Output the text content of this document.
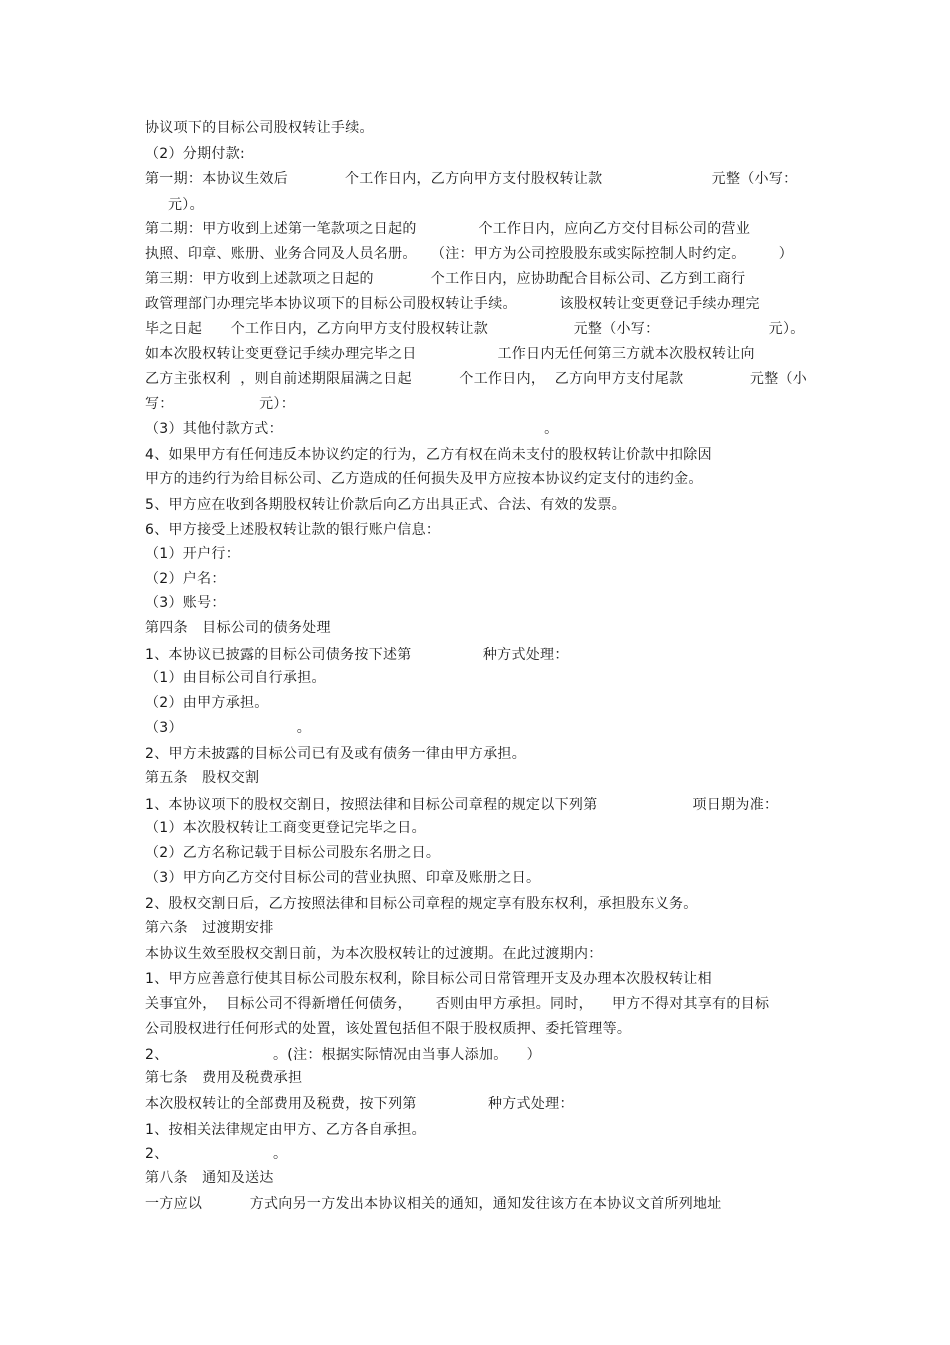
协议项下的目标公司股权转让手续。
（2）分期付款:
第一期：本协议生效后            个工作日内，乙方向甲方支付股权转让款                       元整（小写：
元）。
第二期：甲方收到上述第一笔款项之日起的             个工作日内，应向乙方交付目标公司的营业
执照、印章、账册、业务合同及人员名册。   （注：甲方为公司控股股东或实际控制人时约定。       ）
第三期：甲方收到上述款项之日起的            个工作日内，应协助配合目标公司、乙方到工商行
政管理部门办理完毕本协议项下的目标公司股权转让手续。         该股权转让变更登记手续办理完
毕之日起      个工作日内，乙方向甲方支付股权转让款                  元整（小写：                       元）。
如本次股权转让变更登记手续办理完毕之日                 工作日内无任何第三方就本次股权转让向
乙方主张权利  ，则自前述期限届满之日起          个工作日内，  乙方向甲方支付尾款              元整（小
写：                  元）：
（3）其他付款方式：                                                       。
4、如果甲方有任何违反本协议约定的行为，乙方有权在尚未支付的股权转让价款中扣除因
甲方的违约行为给目标公司、乙方造成的任何损失及甲方应按本协议约定支付的违约金。
5、甲方应在收到各期股权转让价款后向乙方出具正式、合法、有效的发票。
6、甲方接受上述股权转让款的银行账户信息：
（1）开户行：
（2）户名：
（3）账号：
第四条   目标公司的债务处理
1、本协议已披露的目标公司债务按下述第               种方式处理：
（1）由目标公司自行承担。
（2）由甲方承担。
（3）                        。
2、甲方未披露的目标公司已有及或有债务一律由甲方承担。
第五条   股权交割
1、本协议项下的股权交割日，按照法律和目标公司章程的规定以下列第                    项日期为准：
（1）本次股权转让工商变更登记完毕之日。
（2）乙方名称记载于目标公司股东名册之日。
（3）甲方向乙方交付目标公司的营业执照、印章及账册之日。
2、股权交割日后，乙方按照法律和目标公司章程的规定享有股东权利，承担股东义务。
第六条   过渡期安排
本协议生效至股权交割日前，为本次股权转让的过渡期。在此过渡期内：
1、甲方应善意行使其目标公司股东权利，除目标公司日常管理开支及办理本次股权转让相
关事宜外，  目标公司不得新增任何债务，     否则由甲方承担。同时，    甲方不得对其享有的目标
公司股权进行任何形式的处置，该处置包括但不限于股权质押、委托管理等。
2、                      。(注：根据实际情况由当事人添加。    ）
第七条   费用及税费承担
本次股权转让的全部费用及税费，按下列第               种方式处理：
1、按相关法律规定由甲方、乙方各自承担。
2、                      。
第八条   通知及送达
一方应以          方式向另一方发出本协议相关的通知，通知发往该方在本协议文首所列地址
